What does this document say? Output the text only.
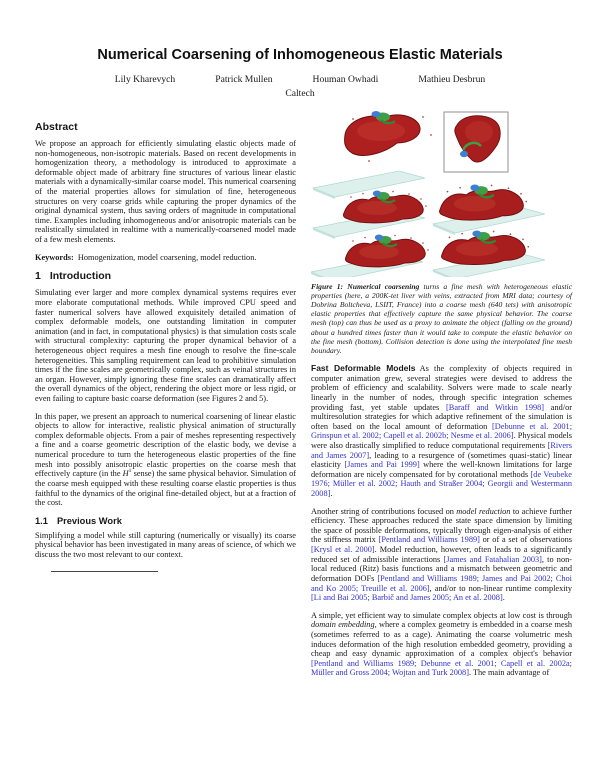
Numerical Coarsening of Inhomogeneous Elastic Materials
Lily Kharevych	Patrick Mullen	Houman Owhadi	Mathieu Desbrun
Caltech
Abstract

We propose an approach for efficiently simulating elastic objects made of non-homogeneous, non-isotropic materials. Based on recent developments in homogenization theory, a methodology is introduced to approximate a deformable object made of arbitrary fine structures of various linear elastic materials with a dynamically-similar coarse model. This numerical coarsening of the material properties allows for simulation of fine, heterogeneous structures on very coarse grids while capturing the proper dynamics of the original dynamical system, thus saving orders of magnitude in computational time. Examples including inhomogeneous and/or anisotropic materials can be realistically simulated in realtime with a numerically-coarsened model made of a few mesh elements.

Keywords: Homogenization, model coarsening, model reduction.

1 Introduction

Simulating ever larger and more complex dynamical systems requires ever more elaborate computational methods. While improved CPU speed and faster numerical solvers have allowed exquisitely detailed animation of complex deformable models, one outstanding limitation in computer animation (and in fact, in computational physics) is that simulation costs scale with structural complexity: capturing the proper dynamical behavior of a heterogeneous object requires a mesh fine enough to resolve the fine-scale heterogeneities. This sampling requirement can lead to prohibitive simulation times if the fine scales are geometrically complex, such as veinal structures in an organ. However, simply ignoring these fine scales can dramatically affect the overall dynamics of the object, rendering the object more or less rigid, or even failing to capture basic coarse deformation (see Figures 2 and 5).

In this paper, we present an approach to numerical coarsening of linear elastic objects to allow for interactive, realistic physical animation of structurally complex deformable objects. From a pair of meshes representing respectively a fine and a coarse geometric description of the elastic body, we devise a numerical procedure to turn the heterogeneous elastic properties of the fine mesh into possibly anisotropic elastic properties on the coarse mesh that effectively capture (in the $H^1$ sense) the same physical behavior. Simulation of the coarse mesh equipped with these resulting coarse elastic properties is thus faithful to the dynamics of the original fine-detailed object, but at a fraction of the cost.

1.1 Previous Work

Simplifying a model while still capturing (numerically or visually) its coarse physical behavior has been investigated in many areas of science, of which we discuss the two most relevant to our context.

Figure 1: Numerical coarsening turns a fine mesh with heterogeneous elastic properties (here, a 200K-tet liver with veins, extracted from MRI data; courtesy of Dobrina Boltcheva, LSIIT, France) into a coarse mesh (640 tets) with anisotropic elastic properties that effectively capture the same physical behavior. The coarse mesh (top) can thus be used as a proxy to animate the object (falling on the ground) about a hundred times faster than it would take to compute the elastic behavior on the fine mesh (bottom). Collision detection is done using the interpolated fine mesh boundary.

Fast Deformable Models As the complexity of objects required in computer animation grew, several strategies were devised to address the problem of efficiency and scalability. Solvers were made to scale nearly linearly in the number of nodes, through specific integration schemes providing fast, yet stable updates [Baraff and Witkin 1998] and/or multiresolution strategies for which adaptive refinement of the simulation is often based on the local amount of deformation [Debunne et al. 2001; Grinspun et al. 2002; Capell et al. 2002b; Nesme et al. 2006]. Physical models were also drastically simplified to reduce computational requirements [Rivers and James 2007], leading to a resurgence of (sometimes quasi-static) linear elasticity [James and Pai 1999] where the well-known limitations for large deformation are nicely compensated for by corotational methods [de Veubeke 1976; Müller et al. 2002; Hauth and Straßer 2004; Georgii and Westermann 2008].

Another string of contributions focused on model reduction to achieve further efficiency. These approaches reduced the state space dimension by limiting the space of possible deformations, typically through eigen-analysis of either the stiffness matrix [Pentland and Williams 1989] or of a set of observations [Krysl et al. 2000]. Model reduction, however, often leads to a significantly reduced set of admissible interactions [James and Fatahalian 2003], to non-local reduced (Ritz) basis functions and a mismatch between geometric and deformation DOFs [Pentland and Williams 1989; James and Pai 2002; Choi and Ko 2005; Treuille et al. 2006], and/or to non-linear runtime complexity [Li and Bai 2005; Barbič and James 2005; An et al. 2008].

A simple, yet efficient way to simulate complex objects at low cost is through domain embedding, where a complex geometry is embedded in a coarse mesh (sometimes referred to as a cage). Animating the coarse volumetric mesh induces deformation of the high resolution embedded geometry, providing a cheap and easy dynamic approximation of a complex object's behavior [Pentland and Williams 1989; Debunne et al. 2001; Capell et al. 2002a; Müller and Gross 2004; Wojtan and Turk 2008]. The main advantage of
